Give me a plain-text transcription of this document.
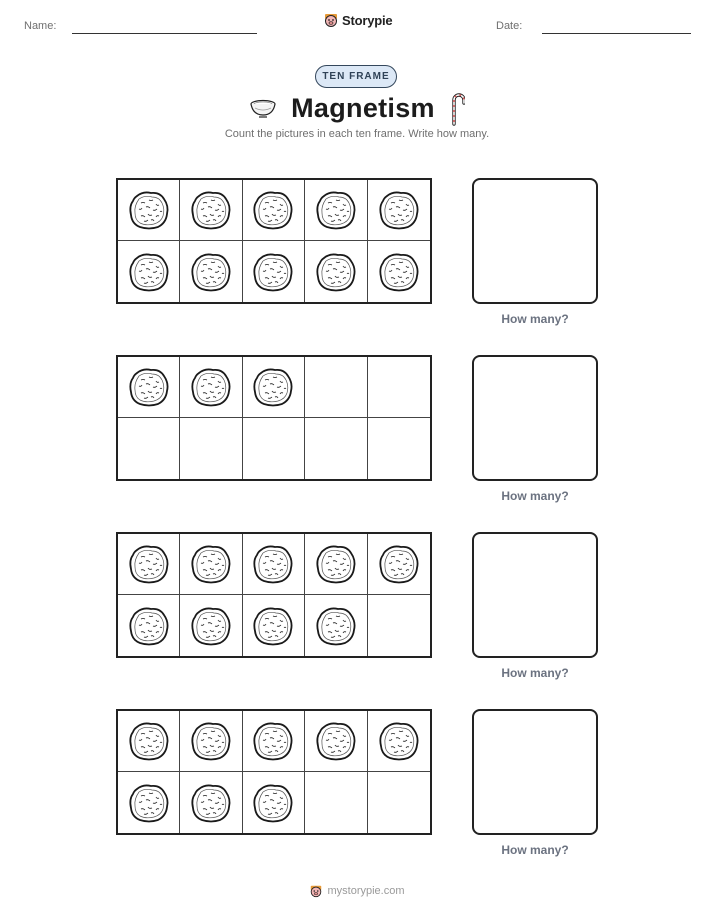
Name:	Date:
Storypie
TEN FRAME
Magnetism
Count the pictures in each ten frame. Write how many.
How many?
How many?
How many?
How many?
mystorypie.com
